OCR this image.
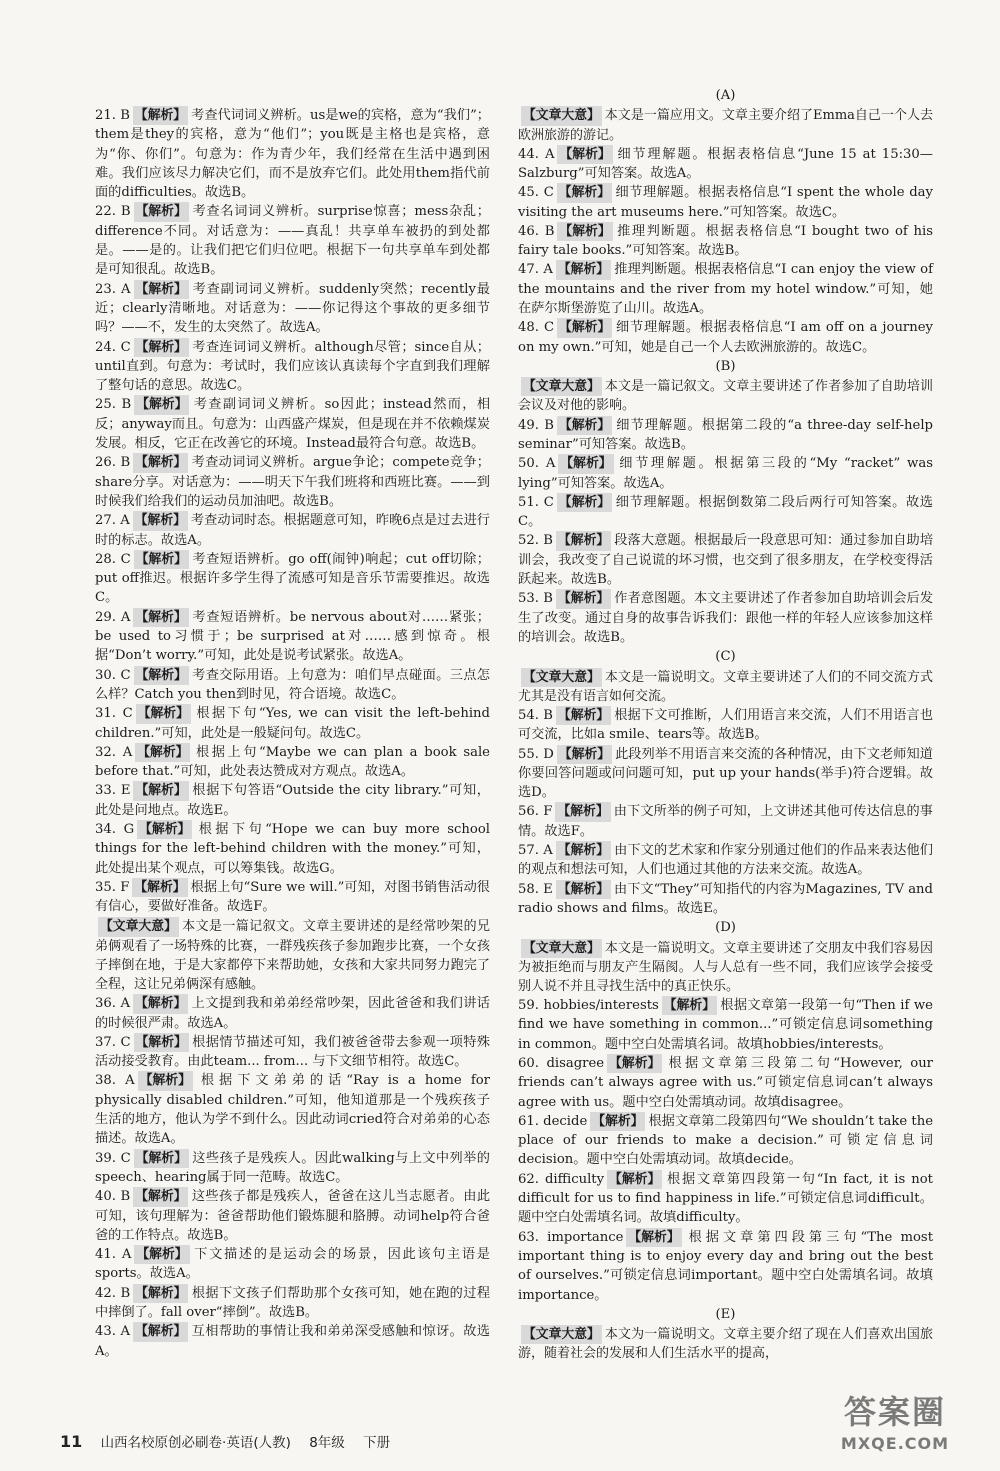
21. B 【解析】 考查代词词义辨析。us是we的宾格，意为“我们”；them是they的宾格，意为“他们”；you既是主格也是宾格，意为“你、你们”。句意为：作为青少年，我们经常在生活中遇到困难。我们应该尽力解决它们，而不是放弃它们。此处用them指代前面的difficulties。故选B。
22. B 【解析】 考查名词词义辨析。surprise惊喜；mess杂乱；difference不同。对话意为：——真乱！共享单车被扔的到处都是。——是的。让我们把它们归位吧。根据下一句共享单车到处都是可知很乱。故选B。
23. A 【解析】 考查副词词义辨析。suddenly突然；recently最近；clearly清晰地。对话意为：——你记得这个事故的更多细节吗？——不，发生的太突然了。故选A。
24. C 【解析】 考查连词词义辨析。although尽管；since自从；until直到。句意为：考试时，我们应该认真读每个字直到我们理解了整句话的意思。故选C。
25. B 【解析】 考查副词词义辨析。so因此；instead然而，相反；anyway而且。句意为：山西盛产煤炭，但是现在并不依赖煤炭发展。相反，它正在改善它的环境。Instead最符合句意。故选B。
26. B 【解析】 考查动词词义辨析。argue争论；compete竞争；share分享。对话意为：——明天下午我们班将和西班比赛。——到时候我们给我们的运动员加油吧。故选B。
27. A 【解析】 考查动词时态。根据题意可知，昨晚6点是过去进行时的标志。故选A。
28. C 【解析】 考查短语辨析。go off(闹钟)响起；cut off切除；put off推迟。根据许多学生得了流感可知是音乐节需要推迟。故选C。
29. A 【解析】 考查短语辨析。be nervous about对……紧张；be used to习惯于；be surprised at对……感到惊奇。根据“Don’t worry.”可知，此处是说考试紧张。故选A。
30. C 【解析】 考查交际用语。上句意为：咱们早点碰面。三点怎么样？Catch you then到时见，符合语境。故选C。
31. C 【解析】 根据下句“Yes, we can visit the left-behind children.”可知，此处是一般疑问句。故选C。
32. A 【解析】 根据上句“Maybe we can plan a book sale before that.”可知，此处表达赞成对方观点。故选A。
33. E 【解析】 根据下句答语“Outside the city library.”可知，此处是问地点。故选E。
34. G 【解析】 根据下句“Hope we can buy more school things for the left-behind children with the money.”可知，此处提出某个观点，可以筹集钱。故选G。
35. F 【解析】 根据上句“Sure we will.”可知，对图书销售活动很有信心，要做好准备。故选F。
【文章大意】 本文是一篇记叙文。文章主要讲述的是经常吵架的兄弟俩观看了一场特殊的比赛，一群残疾孩子参加跑步比赛，一个女孩子摔倒在地，于是大家都停下来帮助她，女孩和大家共同努力跑完了全程，这让兄弟俩深有感触。
36. A 【解析】 上文提到我和弟弟经常吵架，因此爸爸和我们讲话的时候很严肃。故选A。
37. C 【解析】 根据情节描述可知，我们被爸爸带去参观一项特殊活动接受教育。由此team... from... 与下文细节相符。故选C。
38. A 【解析】 根据下文弟弟的话“Ray is a home for physically disabled children.”可知，他知道那是一个残疾孩子生活的地方，他认为学不到什么。因此动词cried符合对弟弟的心态描述。故选A。
39. C 【解析】 这些孩子是残疾人。因此walking与上文中列举的speech、hearing属于同一范畴。故选C。
40. B 【解析】 这些孩子都是残疾人，爸爸在这儿当志愿者。由此可知，该句理解为：爸爸帮助他们锻炼腿和胳膊。动词help符合爸爸的工作特点。故选B。
41. A 【解析】 下文描述的是运动会的场景，因此该句主语是sports。故选A。
42. B 【解析】 根据下文孩子们帮助那个女孩可知，她在跑的过程中摔倒了。fall over“摔倒”。故选B。
43. A 【解析】 互相帮助的事情让我和弟弟深受感触和惊讶。故选A。
(A)
【文章大意】 本文是一篇应用文。文章主要介绍了Emma自己一个人去欧洲旅游的游记。
44. A 【解析】 细节理解题。根据表格信息“June 15 at 15:30—Salzburg”可知答案。故选A。
45. C 【解析】 细节理解题。根据表格信息“I spent the whole day visiting the art museums here.”可知答案。故选C。
46. B 【解析】 推理判断题。根据表格信息“I bought two of his fairy tale books.”可知答案。故选B。
47. A 【解析】 推理判断题。根据表格信息“I can enjoy the view of the mountains and the river from my hotel window.”可知，她在萨尔斯堡游览了山川。故选A。
48. C 【解析】 细节理解题。根据表格信息“I am off on a journey on my own.”可知，她是自己一个人去欧洲旅游的。故选C。
(B)
【文章大意】 本文是一篇记叙文。文章主要讲述了作者参加了自助培训会议及对他的影响。
49. B 【解析】 细节理解题。根据第二段的“a three-day self-help seminar”可知答案。故选B。
50. A 【解析】 细节理解题。根据第三段的“My “racket” was lying”可知答案。故选A。
51. C 【解析】 细节理解题。根据倒数第二段后两行可知答案。故选C。
52. B 【解析】 段落大意题。根据最后一段意思可知：通过参加自助培训会，我改变了自己说谎的坏习惯，也交到了很多朋友，在学校变得活跃起来。故选B。
53. B 【解析】 作者意图题。本文主要讲述了作者参加自助培训会后发生了改变。通过自身的故事告诉我们：跟他一样的年轻人应该参加这样的培训会。故选B。
(C)
【文章大意】 本文是一篇说明文。文章主要讲述了人们的不同交流方式尤其是没有语言如何交流。
54. B 【解析】 根据下文可推断，人们用语言来交流，人们不用语言也可交流，比如a smile、tears等。故选B。
55. D 【解析】 此段列举不用语言来交流的各种情况，由下文老师知道你要回答问题或问问题可知，put up your hands(举手)符合逻辑。故选D。
56. F 【解析】 由下文所举的例子可知，上文讲述其他可传达信息的事情。故选F。
57. A 【解析】 由下文的艺术家和作家分别通过他们的作品来表达他们的观点和想法可知，人们也通过其他的方法来交流。故选A。
58. E 【解析】 由下文“They”可知指代的内容为Magazines, TV and radio shows and films。故选E。
(D)
【文章大意】 本文是一篇说明文。文章主要讲述了交朋友中我们容易因为被拒绝而与朋友产生隔阂。人与人总有一些不同，我们应该学会接受别人说不并且寻找生活中的真正快乐。
59. hobbies/interests 【解析】 根据文章第一段第一句“Then if we find we have something in common...”可锁定信息词something in common。题中空白处需填名词。故填hobbies/interests。
60. disagree 【解析】 根据文章第三段第二句“However, our friends can’t always agree with us.”可锁定信息词can’t always agree with us。题中空白处需填动词。故填disagree。
61. decide 【解析】 根据文章第二段第四句“We shouldn’t take the place of our friends to make a decision.”可锁定信息词decision。题中空白处需填动词。故填decide。
62. difficulty 【解析】 根据文章第四段第一句“In fact, it is not difficult for us to find happiness in life.”可锁定信息词difficult。题中空白处需填名词。故填difficulty。
63. importance 【解析】 根据文章第四段第三句“The most important thing is to enjoy every day and bring out the best of ourselves.”可锁定信息词important。题中空白处需填名词。故填importance。
(E)
【文章大意】 本文为一篇说明文。文章主要介绍了现在人们喜欢出国旅游，随着社会的发展和人们生活水平的提高，
11 山西名校原创必刷卷·英语(人教) 8年级 下册
答案圈
MXQE.COM
